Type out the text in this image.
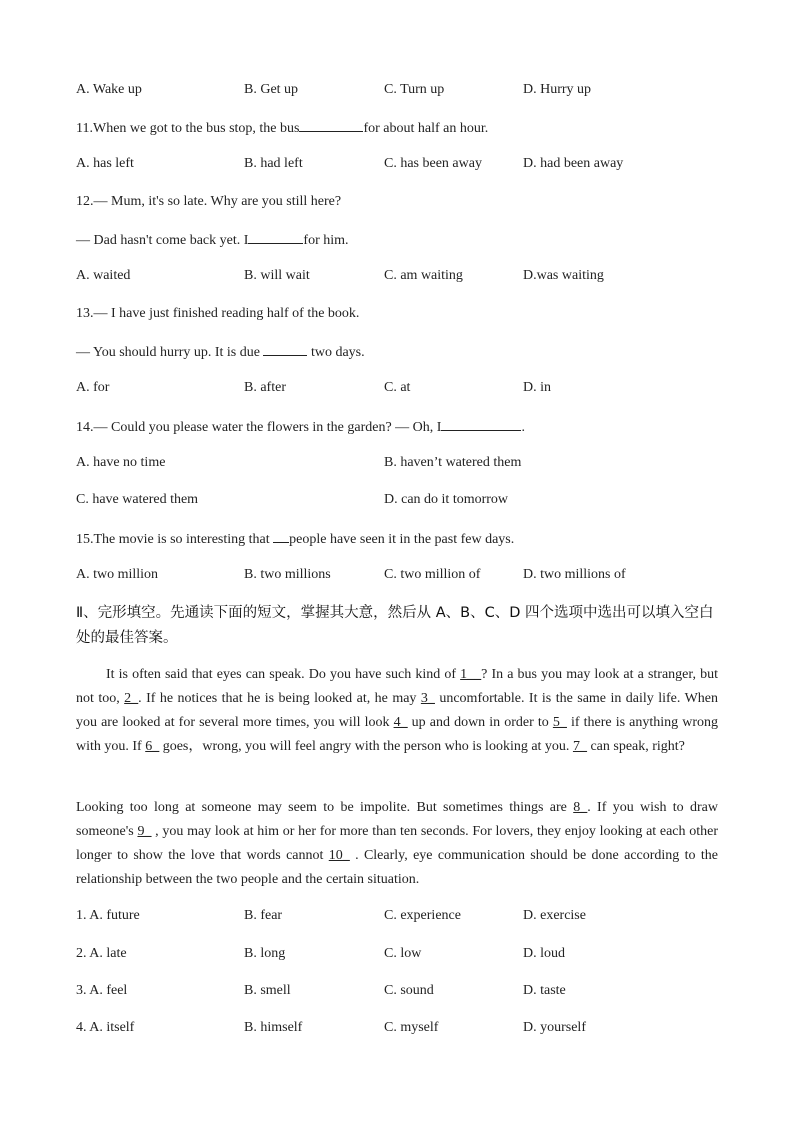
A. Wake up	B. Get up	C. Turn up	D. Hurry up
11.When we got to the bus stop, the bus	for about half an hour.
A. has left	B. had left	C. has been away	D. had been away
12.— Mum, it's so late. Why are you still here?
— Dad hasn't come back yet. I	for him.
A. waited	B. will wait	C. am waiting	D.was waiting
13.— I have just finished reading half of the book.
— You should hurry up. It is due	two days.
A. for	B. after	C. at	D. in
14.— Could you please water the flowers in the garden? — Oh, I	.
A. have no time	B. haven’t watered them
C. have watered them	D. can do it tomorrow
15.The movie is so interesting that people have seen it in the past few days.
A. two million	B. two millions	C. two million of	D. two millions of
Ⅱ、完形填空。先通读下面的短文，掌握其大意，然后从 A、B、C、D 四个选项中选出可以填入空白处的最佳答案。
It is often said that eyes can speak. Do you have such kind of 1__? In a bus you may look at a stranger, but not too, 2_. If he notices that he is being looked at, he may 3_ uncomfortable. It is the same in daily life. When you are looked at for several more times, you will look 4_ up and down in order to 5_ if there is anything wrong with you. If 6_ goes，wrong, you will feel angry with the person who is looking at you. 7_ can speak, right?
Looking too long at someone may seem to be impolite. But sometimes things are 8_. If you wish to draw someone's 9_ , you may look at him or her for more than ten seconds. For lovers, they enjoy looking at each other longer to show the love that words cannot 10_ . Clearly, eye communication should be done according to the relationship between the two people and the certain situation.
1. A. future	B. fear	C. experience	D. exercise
2. A. late	B. long	C. low	D. loud
3. A. feel	B. smell	C. sound	D. taste
4. A. itself	B. himself	C. myself	D. yourself
